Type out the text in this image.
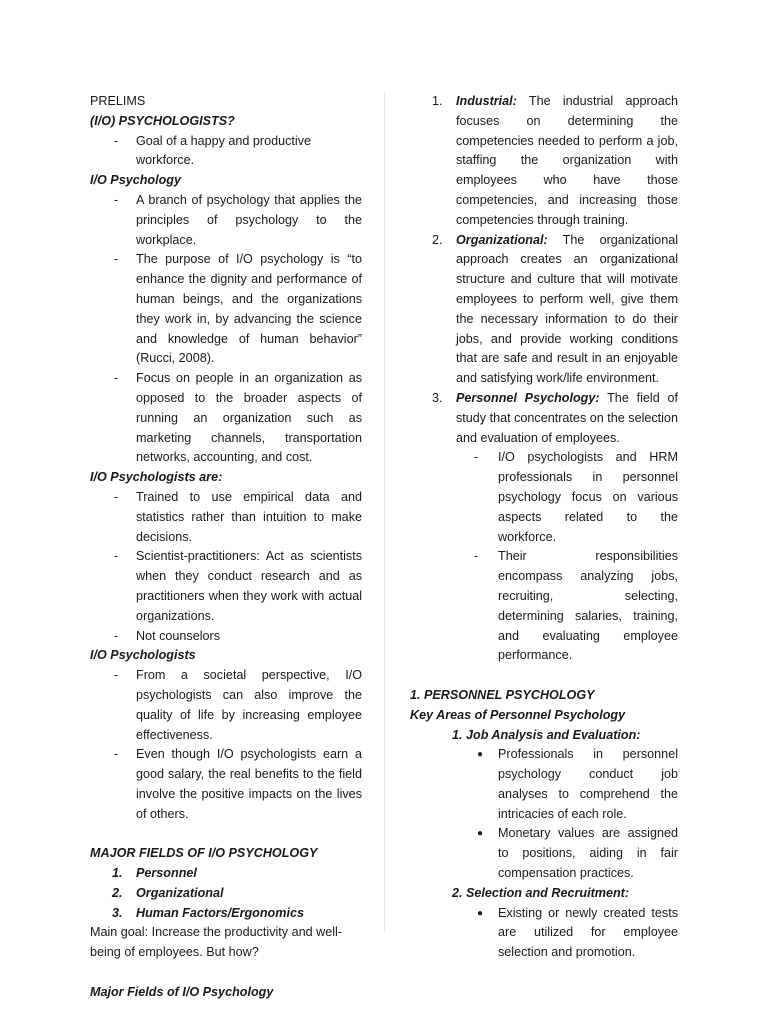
PRELIMS

(I/O) PSYCHOLOGISTS?

- Goal of a happy and productive workforce.

I/O Psychology

- A branch of psychology that applies the principles of psychology to the workplace.
- The purpose of I/O psychology is “to enhance the dignity and performance of human beings, and the organizations they work in, by advancing the science and knowledge of human behavior” (Rucci, 2008).
- Focus on people in an organization as opposed to the broader aspects of running an organization such as marketing channels, transportation networks, accounting, and cost.

I/O Psychologists are:

- Trained to use empirical data and statistics rather than intuition to make decisions.
- Scientist-practitioners: Act as scientists when they conduct research and as practitioners when they work with actual organizations.
- Not counselors

I/O Psychologists

- From a societal perspective, I/O psychologists can also improve the quality of life by increasing employee effectiveness.
- Even though I/O psychologists earn a good salary, the real benefits to the field involve the positive impacts on the lives of others.

MAJOR FIELDS OF I/O PSYCHOLOGY

1. Personnel
2. Organizational
3. Human Factors/Ergonomics

Main goal: Increase the productivity and well-being of employees. But how?

Major Fields of I/O Psychology

1. Industrial: The industrial approach focuses on determining the competencies needed to perform a job, staffing the organization with employees who have those competencies, and increasing those competencies through training.
2. Organizational: The organizational approach creates an organizational structure and culture that will motivate employees to perform well, give them the necessary information to do their jobs, and provide working conditions that are safe and result in an enjoyable and satisfying work/life environment.
3. Personnel Psychology: The field of study that concentrates on the selection and evaluation of employees.
- I/O psychologists and HRM professionals in personnel psychology focus on various aspects related to the workforce.
- Their responsibilities encompass analyzing jobs, recruiting, selecting, determining salaries, training, and evaluating employee performance.

1. PERSONNEL PSYCHOLOGY

Key Areas of Personnel Psychology

1. Job Analysis and Evaluation:

● Professionals in personnel psychology conduct job analyses to comprehend the intricacies of each role.
● Monetary values are assigned to positions, aiding in fair compensation practices.

2. Selection and Recruitment:

● Existing or newly created tests are utilized for employee selection and promotion.
